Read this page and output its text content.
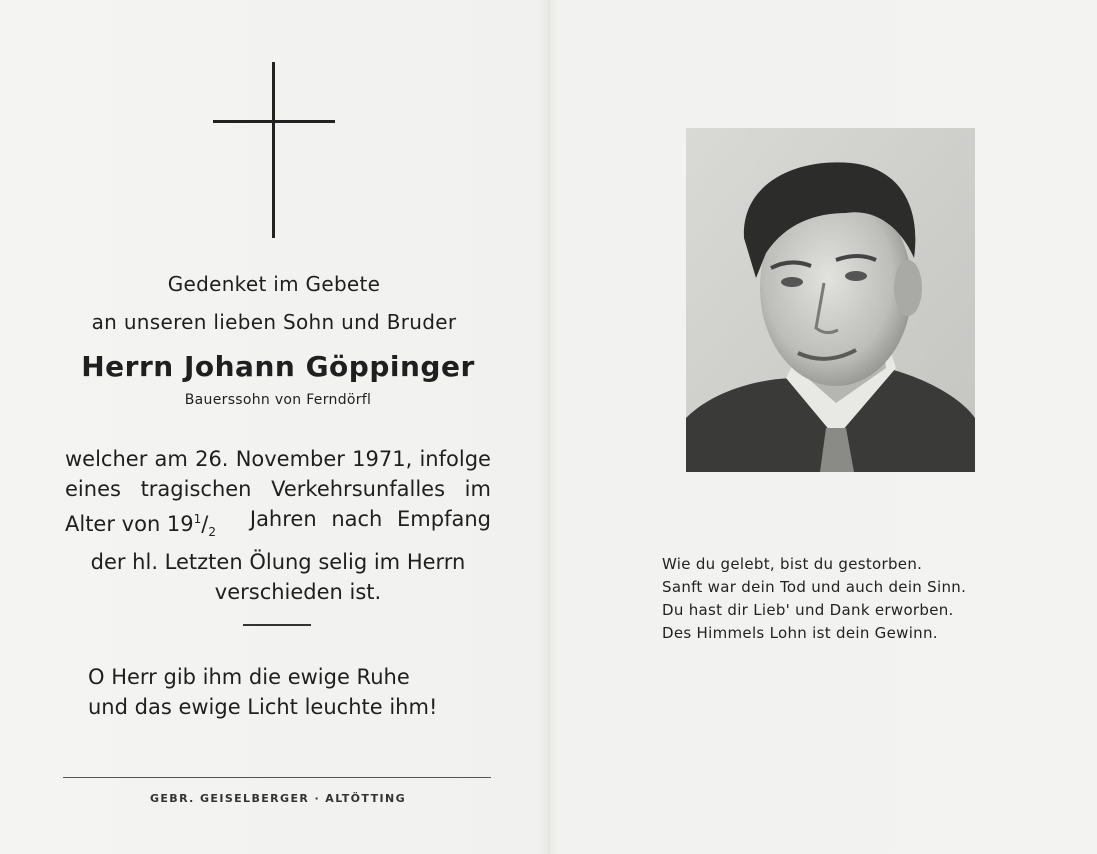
Gedenket im Gebete
an unseren lieben Sohn und Bruder
Herrn Johann Göppinger
Bauerssohn von Ferndörfl
welcher am 26. November 1971, infolge
eines tragischen Verkehrsunfalles im
Alter von $19^1/_2$
Jahren nach Empfang
der hl. Letzten Ölung selig im Herrn
verschieden ist.
O Herr gib ihm die ewige Ruhe
und das ewige Licht leuchte ihm!
GEBR. GEISELBERGER · ALTÖTTING
Wie du gelebt, bist du gestorben.
Sanft war dein Tod und auch dein Sinn.
Du hast dir Lieb' und Dank erworben.
Des Himmels Lohn ist dein Gewinn.
